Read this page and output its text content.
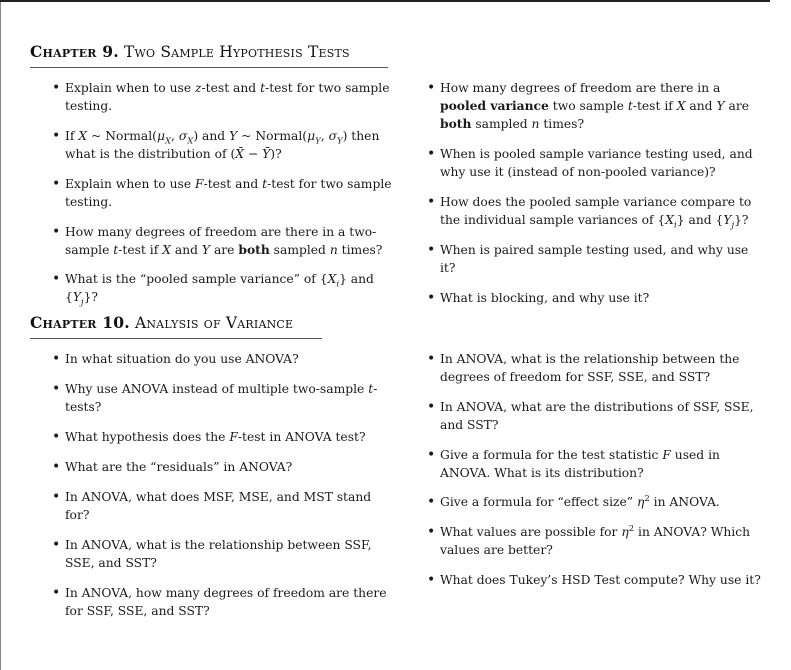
Chapter 9. Two Sample Hypothesis Tests
• Explain when to use z-test and t-test for two sample testing.
• If X ~ $Normal(\mu_X$, $\sigma_X$) and Y ~ $Normal(\mu_Y$, $\sigma_Y$) then what is the distribution of (X̄ − Ȳ)?
• Explain when to use F-test and t-test for two sample testing.
• How many degrees of freedom are there in a two-sample t-test if X and Y are both sampled n times?
• What is the “pooled sample variance” of $\{X_i\}$ and $\{Y_j\}$?
• How many degrees of freedom are there in a pooled variance two sample t-test if X and Y are both sampled n times?
• When is pooled sample variance testing used, and why use it (instead of non-pooled variance)?
• How does the pooled sample variance compare to the individual sample variances of $\{X_i\}$ and $\{Y_j\}$?
• When is paired sample testing used, and why use it?
• What is blocking, and why use it?
Chapter 10. Analysis of Variance
• In what situation do you use ANOVA?
• Why use ANOVA instead of multiple two-sample t-tests?
• What hypothesis does the F-test in ANOVA test?
• What are the “residuals” in ANOVA?
• In ANOVA, what does MSF, MSE, and MST stand for?
• In ANOVA, what is the relationship between SSF, SSE, and SST?
• In ANOVA, how many degrees of freedom are there for SSF, SSE, and SST?
• In ANOVA, what is the relationship between the degrees of freedom for SSF, SSE, and SST?
• In ANOVA, what are the distributions of SSF, SSE, and SST?
• Give a formula for the test statistic F used in ANOVA. What is its distribution?
• Give a formula for “effect size” $\eta^2$ in ANOVA.
• What values are possible for $\eta^2$ in ANOVA? Which values are better?
• What does Tukey’s HSD Test compute? Why use it?
